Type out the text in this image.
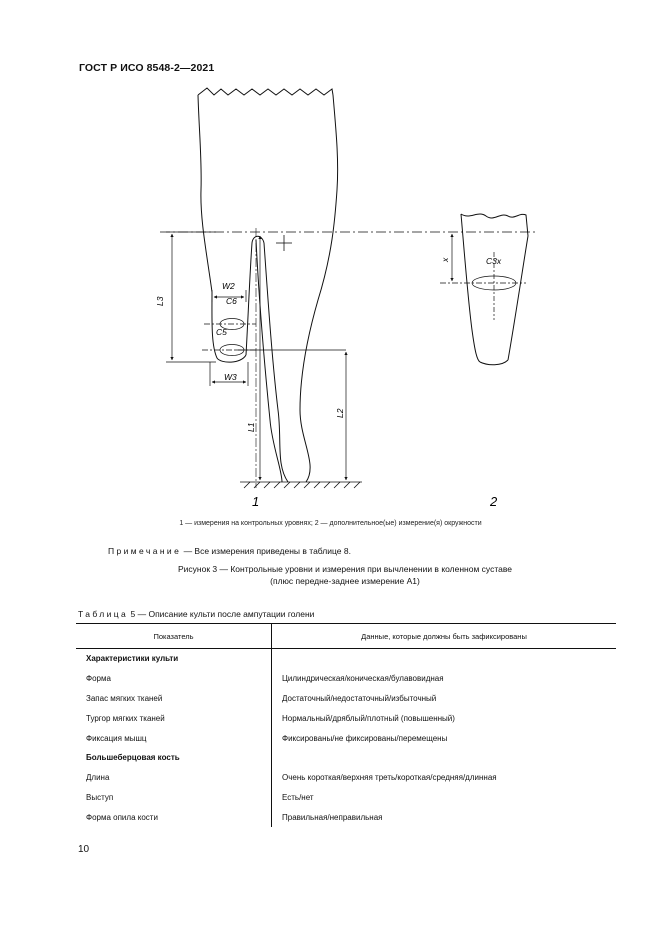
ГОСТ Р ИСО 8548-2—2021
L3
W2
C6
C5
W3
L1
L2
x	C3x
1	2
1 — измерения на контрольных уровнях; 2 — дополнительное(ые) измерение(я) окружности
Примечание — Все измерения приведены в таблице 8.
Рисунок 3 — Контрольные уровни и измерения при вычленении в коленном суставе
(плюс передне-заднее измерение A1)
Таблица 5 — Описание культи после ампутации голени
Показатель	Данные, которые должны быть зафиксированы
Характеристики культи	
Форма	Цилиндрическая/коническая/булавовидная
Запас мягких тканей	Достаточный/недостаточный/избыточный
Тургор мягких тканей	Нормальный/дряблый/плотный (повышенный)
Фиксация мышц	Фиксированы/не фиксированы/перемещены
Большеберцовая кость	
Длина	Очень короткая/верхняя треть/короткая/средняя/длинная
Выступ	Есть/нет
Форма опила кости	Правильная/неправильная
10
